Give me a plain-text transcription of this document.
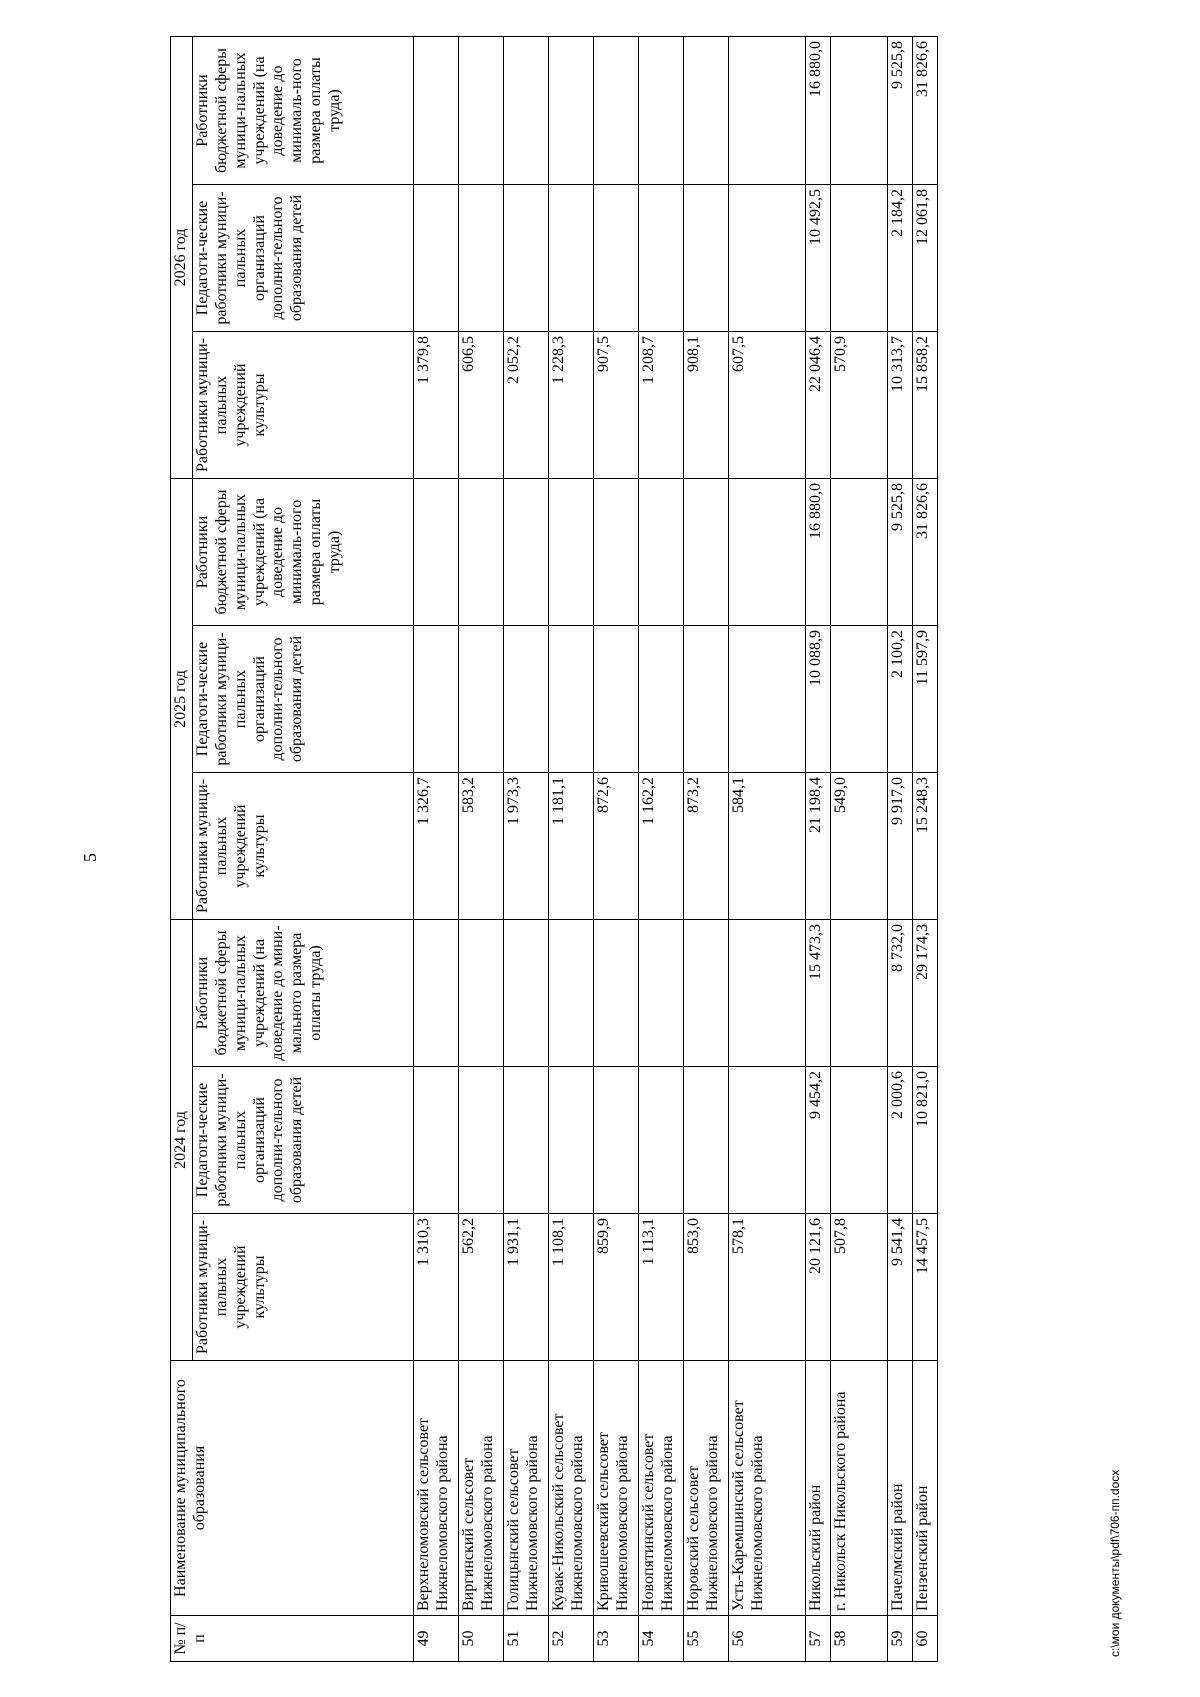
5
№ п/п	Наименование муниципального образования	2024 год			2025 год			2026 год		
		Работники муници-пальных учреждений культуры	Педагоги-ческие работники муници-пальных организаций дополни-тельного образования детей	Работники бюджетной сферы муници-пальных учреждений (на доведение до мини-мального размера оплаты труда)	Работники муници-пальных учреждений культуры	Педагоги-ческие работники муници-пальных организаций дополни-тельного образования детей	Работники бюджетной сферы муници-пальных учреждений (на доведение до минималь-ного размера оплаты труда)	Работники муници-пальных учреждений культуры	Педагоги-ческие работники муници-пальных организаций дополни-тельного образования детей	Работники бюджетной сферы муници-пальных учреждений (на доведение до минималь-ного размера оплаты труда)
49	Верхнеломовский сельсовет Нижнеломовского района	1 310,3			1 326,7			1 379,8		
50	Виргинский сельсовет Нижнеломовского района	562,2			583,2			606,5		
51	Голицынский сельсовет Нижнеломовского района	1 931,1			1 973,3			2 052,2		
52	Кувак-Никольский сельсовет Нижнеломовского района	1 108,1			1 181,1			1 228,3		
53	Кривошеевский сельсовет Нижнеломовского района	859,9			872,6			907,5		
54	Новопятинский сельсовет Нижнеломовского района	1 113,1			1 162,2			1 208,7		
55	Норовский сельсовет Нижнеломовского района	853,0			873,2			908,1		
56	Усть-Каремшинский сельсовет Нижнеломовского района	578,1			584,1			607,5		
57	Никольский район	20 121,6	9 454,2	15 473,3	21 198,4	10 088,9	16 880,0	22 046,4	10 492,5	16 880,0
58	г. Никольск Никольского района	507,8			549,0			570,9		
59	Пачелмский район	9 541,4	2 000,6	8 732,0	9 917,0	2 100,2	9 525,8	10 313,7	2 184,2	9 525,8
60	Пензенский район	14 457,5	10 821,0	29 174,3	15 248,3	11 597,9	31 826,6	15 858,2	12 061,8	31 826,6
c:\мои документы\pdf\706-пп.docx
